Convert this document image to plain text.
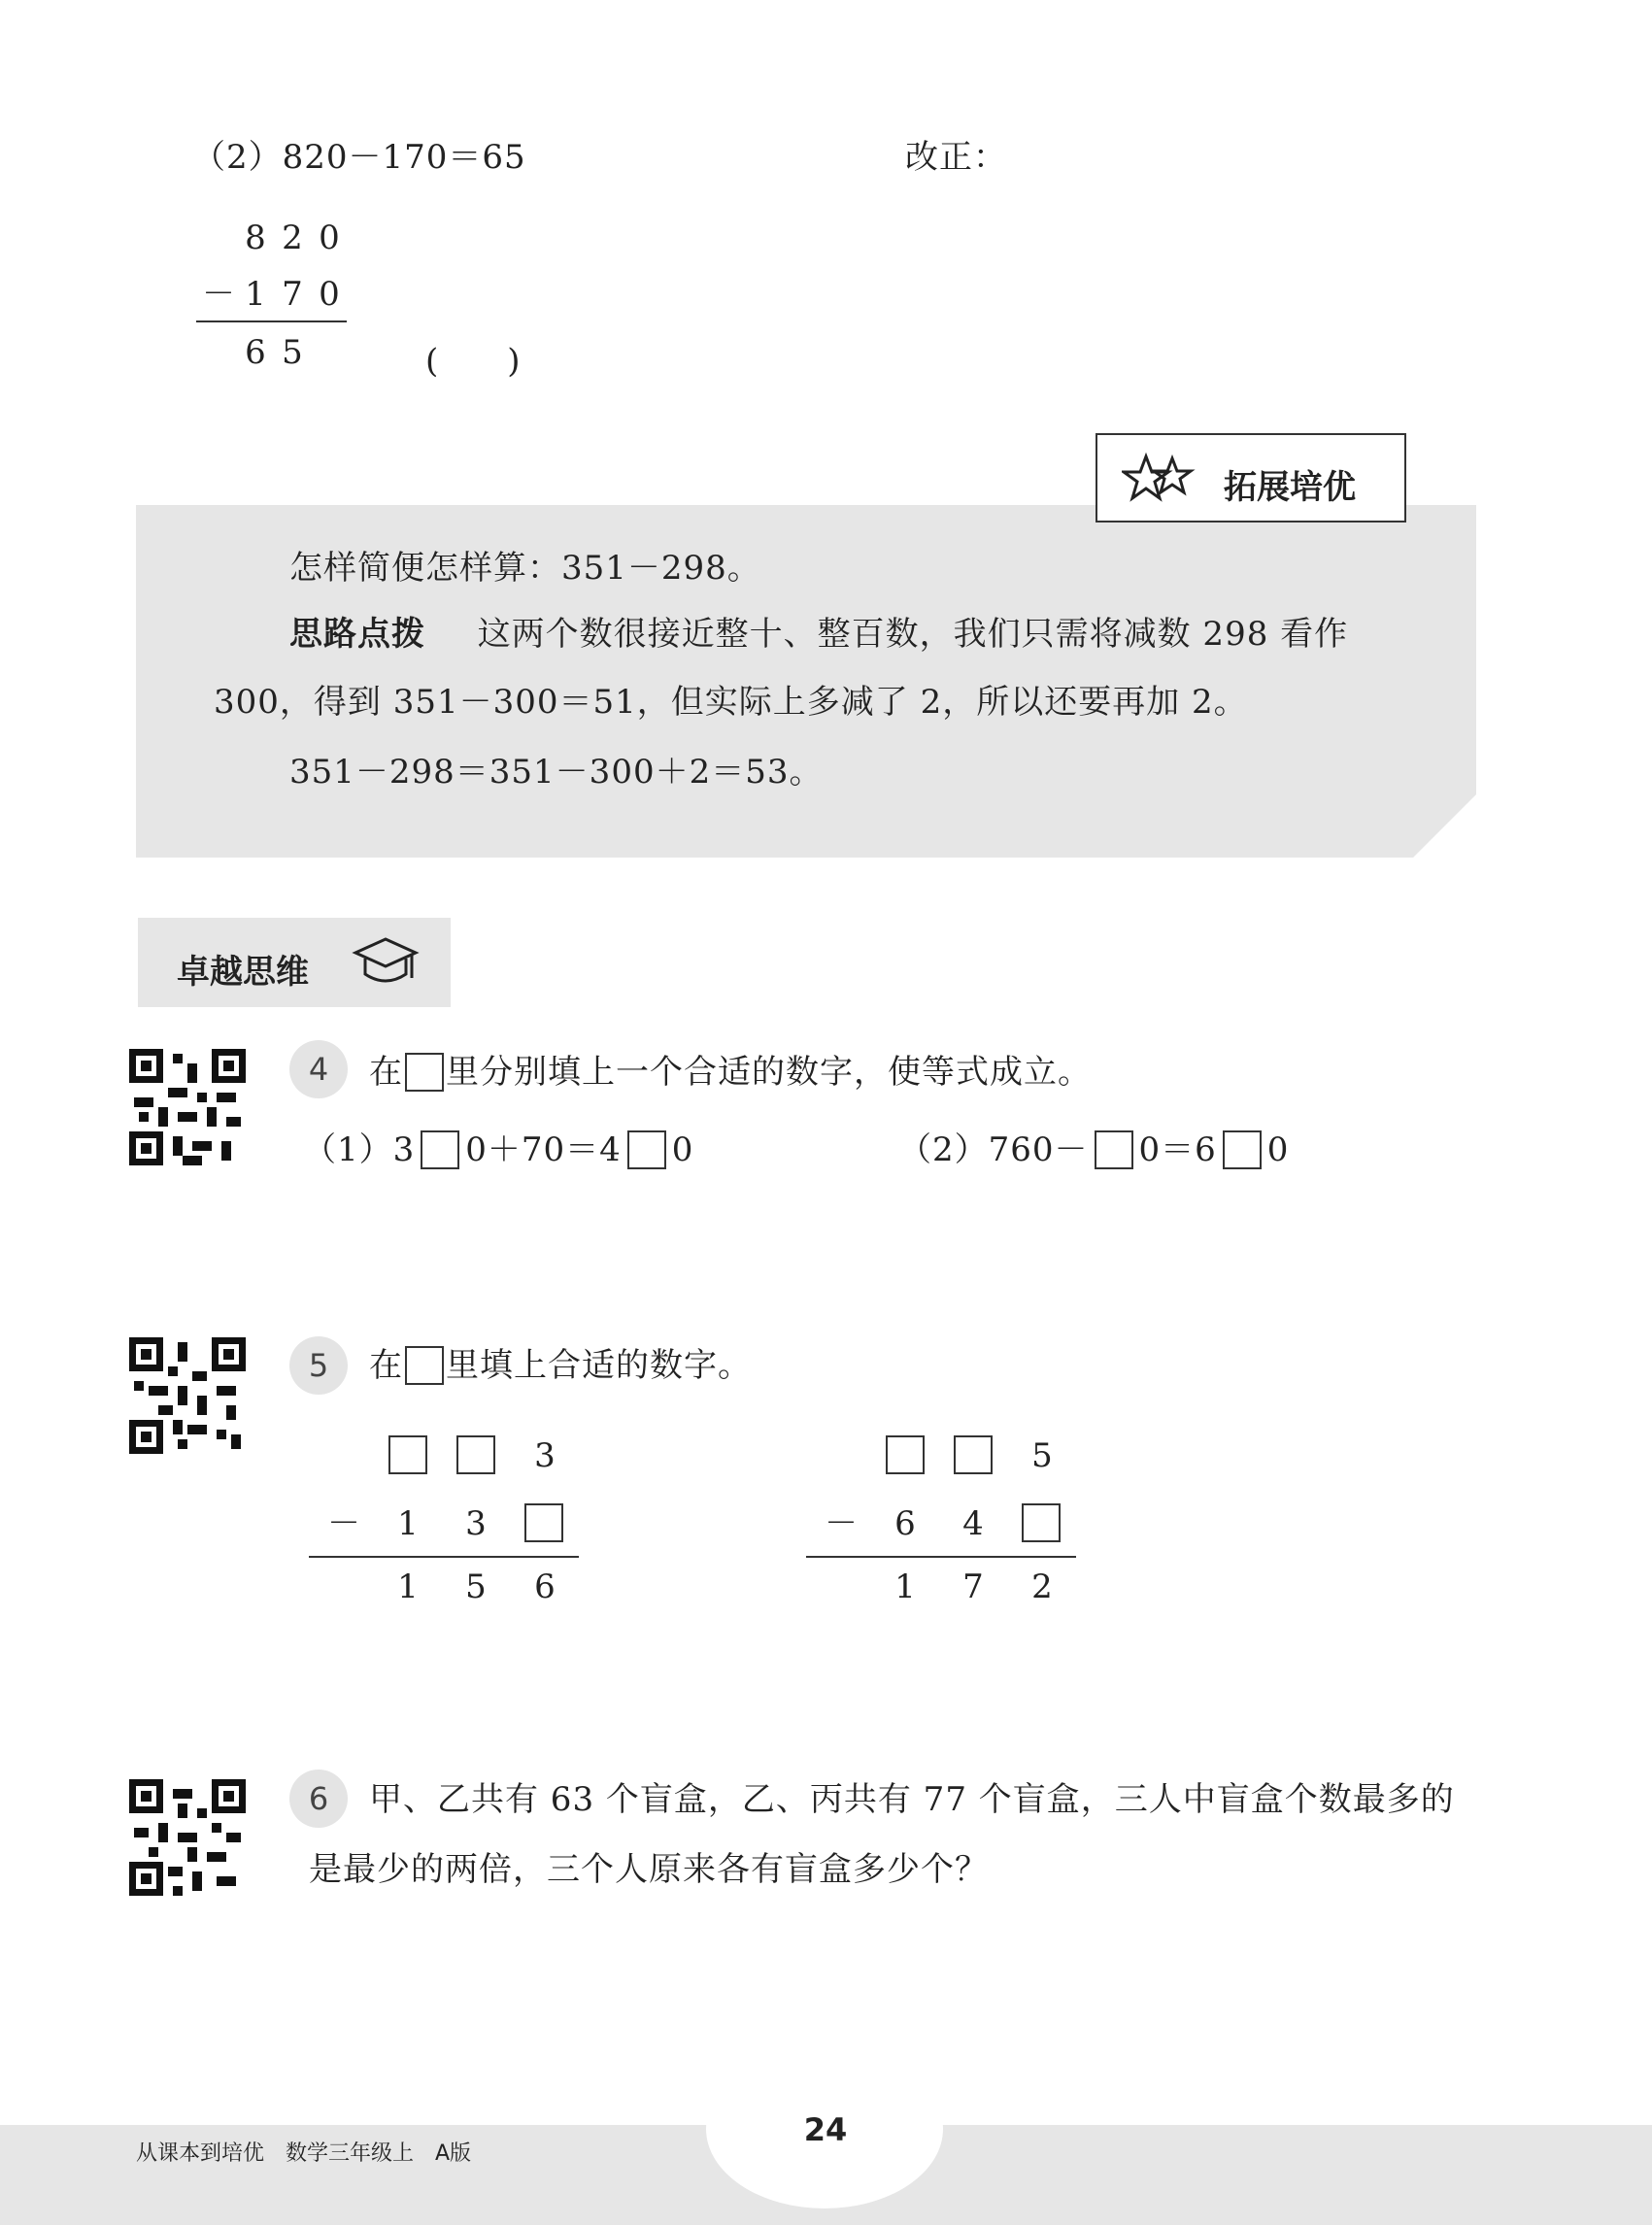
（2）820－170＝65	改正：
8 2 0
－ 1 7 0
6 5	(　　)
拓展培优
怎样简便怎样算：351－298。
思路点拨 这两个数很接近整十、整百数，我们只需将减数 298 看作
300，得到 351－300＝51，但实际上多减了 2，所以还要再加 2。
351－298＝351－300＋2＝53。
卓越思维
4	在 里分别填上一个合适的数字，使等式成立。
（1）3 0＋70＝4 0	（2）760－ 0＝6 0
5	在 里填上合适的数字。
3
－ 1 3
1 5 6
5
－ 6 4
1 7 2
6	甲、乙共有 63 个盲盒，乙、丙共有 77 个盲盒，三人中盲盒个数最多的
是最少的两倍，三个人原来各有盲盒多少个？
24
从课本到培优　数学三年级上　A版
